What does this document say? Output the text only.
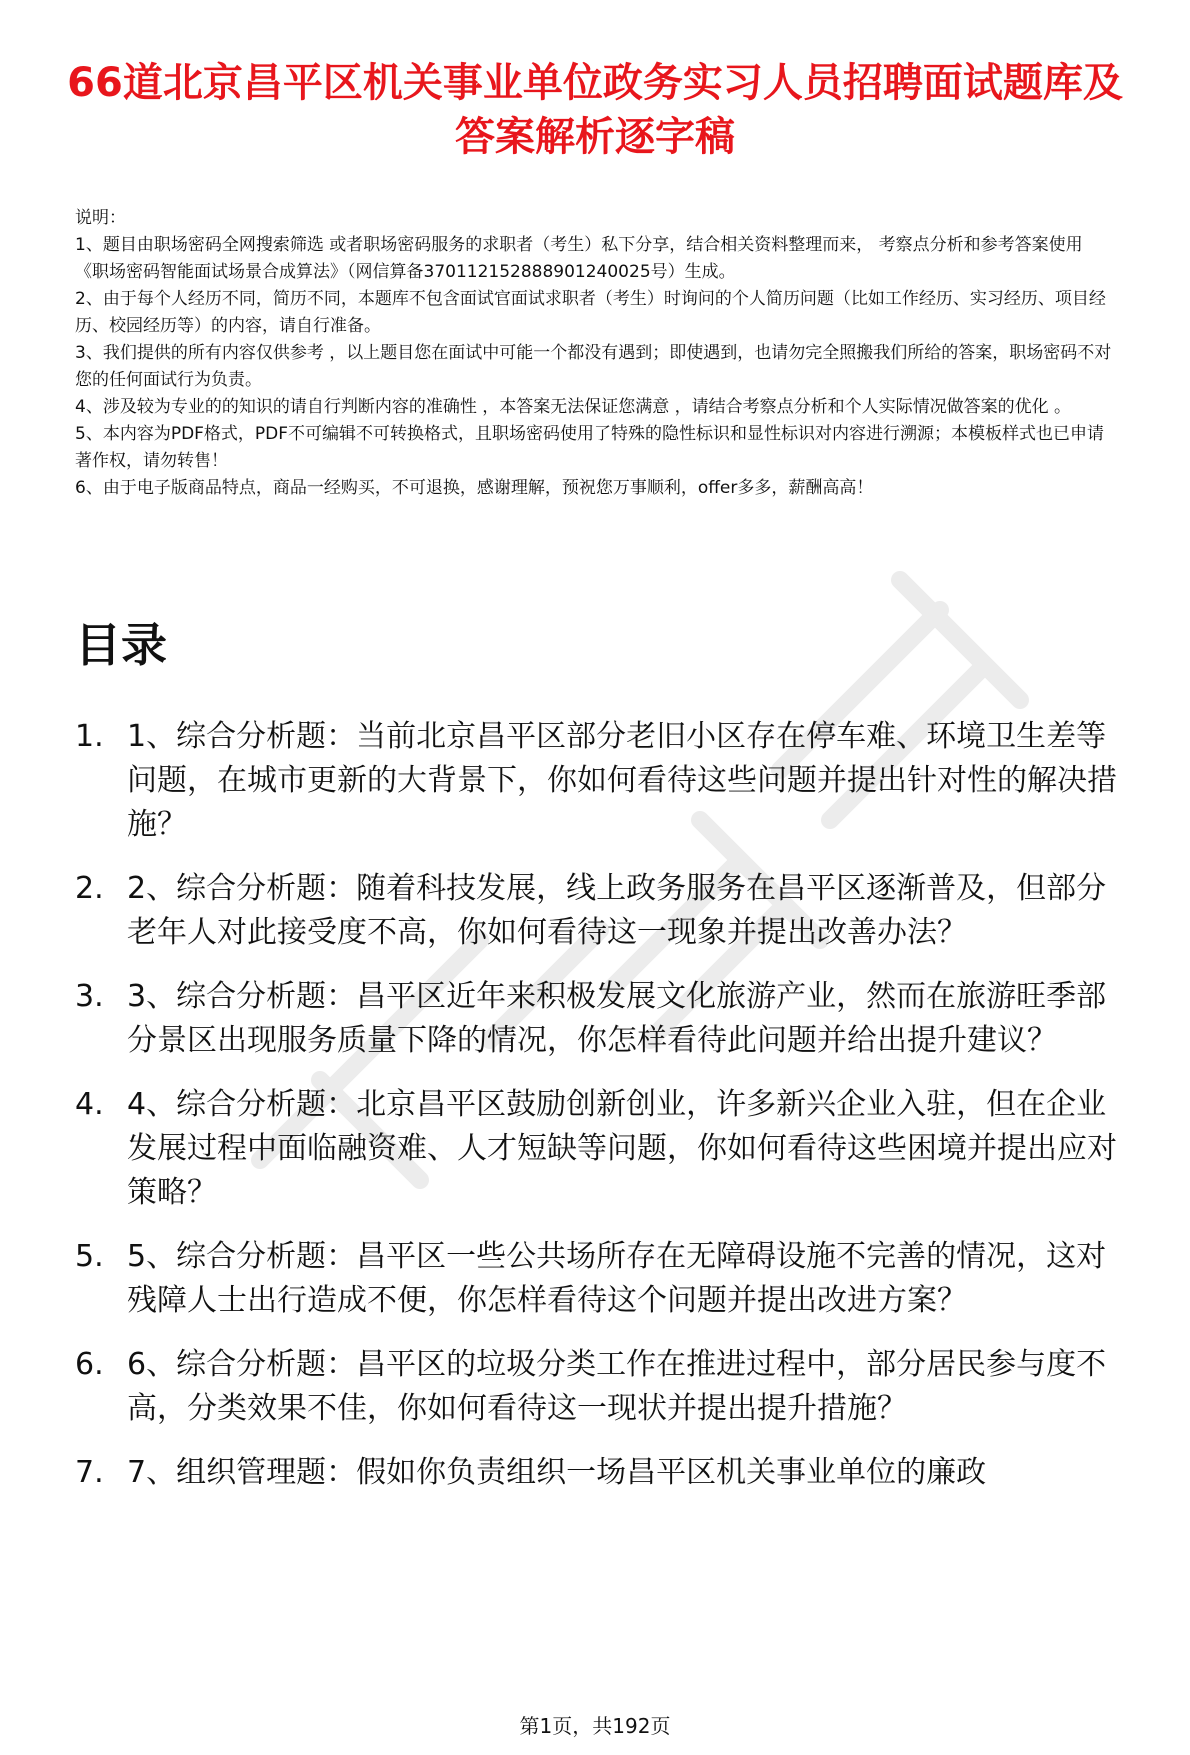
66道北京昌平区机关事业单位政务实习人员招聘面试题库及答案解析逐字稿
说明：
1、题目由职场密码全网搜索筛选 或者职场密码服务的求职者（考生）私下分享，结合相关资料整理而来， 考察点分析和参考答案使用《职场密码智能面试场景合成算法》（网信算备370112152888901240025号）生成。
2、由于每个人经历不同，简历不同，本题库不包含面试官面试求职者（考生）时询问的个人简历问题（比如工作经历、实习经历、项目经历、校园经历等）的内容，请自行准备。
3、我们提供的所有内容仅供参考 ，以上题目您在面试中可能一个都没有遇到；即使遇到，也请勿完全照搬我们所给的答案，职场密码不对您的任何面试行为负责。
4、涉及较为专业的的知识的请自行判断内容的准确性 ，本答案无法保证您满意 ，请结合考察点分析和个人实际情况做答案的优化 。
5、本内容为PDF格式，PDF不可编辑不可转换格式，且职场密码使用了特殊的隐性标识和显性标识对内容进行溯源；本模板样式也已申请著作权，请勿转售！
6、由于电子版商品特点，商品一经购买，不可退换，感谢理解，预祝您万事顺利，offer多多，薪酬高高！
目录
1. 1、综合分析题：当前北京昌平区部分老旧小区存在停车难、环境卫生差等问题，在城市更新的大背景下，你如何看待这些问题并提出针对性的解决措施？
2. 2、综合分析题：随着科技发展，线上政务服务在昌平区逐渐普及，但部分老年人对此接受度不高，你如何看待这一现象并提出改善办法？
3. 3、综合分析题：昌平区近年来积极发展文化旅游产业，然而在旅游旺季部分景区出现服务质量下降的情况，你怎样看待此问题并给出提升建议？
4. 4、综合分析题：北京昌平区鼓励创新创业，许多新兴企业入驻，但在企业发展过程中面临融资难、人才短缺等问题，你如何看待这些困境并提出应对策略？
5. 5、综合分析题：昌平区一些公共场所存在无障碍设施不完善的情况，这对残障人士出行造成不便，你怎样看待这个问题并提出改进方案？
6. 6、综合分析题：昌平区的垃圾分类工作在推进过程中，部分居民参与度不高，分类效果不佳，你如何看待这一现状并提出提升措施？
7. 7、组织管理题：假如你负责组织一场昌平区机关事业单位的廉政
第1页，共192页
